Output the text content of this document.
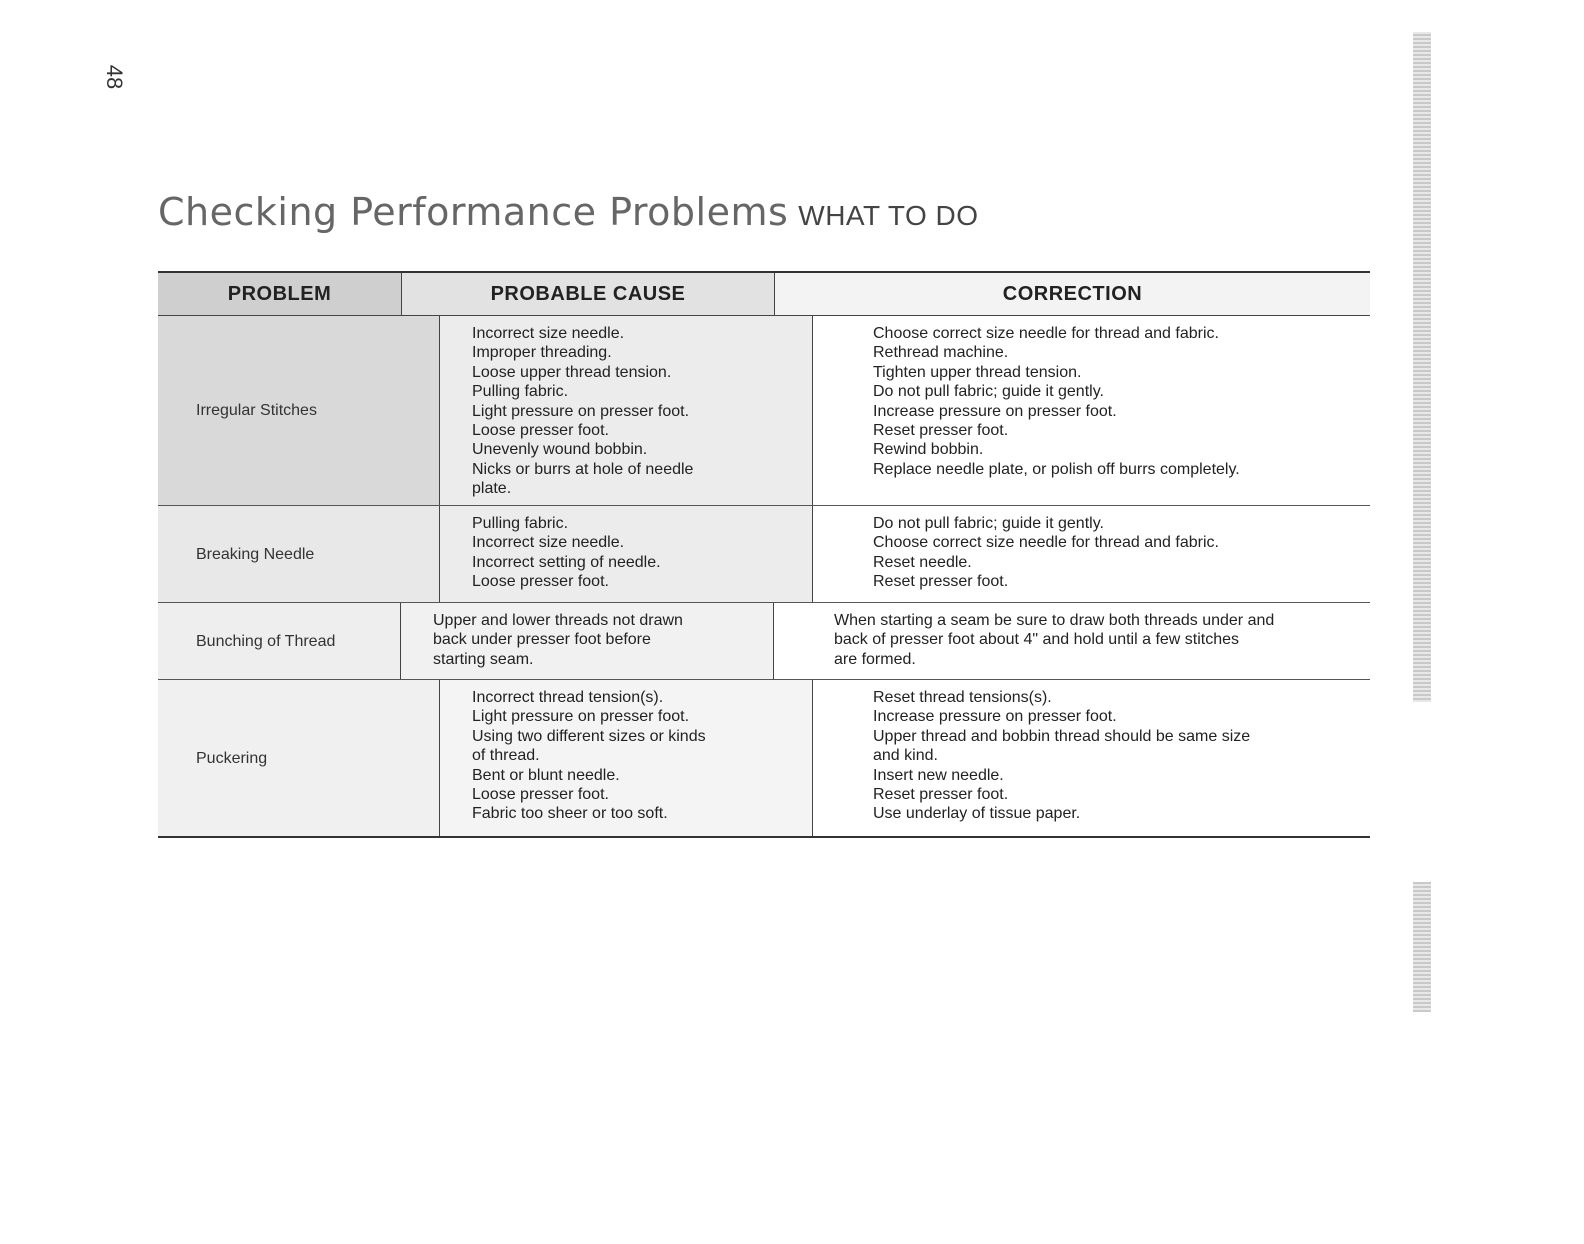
48
Checking Performance Problems WHAT TO DO
PROBLEM	PROBABLE CAUSE	CORRECTION
Irregular Stitches
Incorrect size needle.
Improper threading.
Loose upper thread tension.
Pulling fabric.
Light pressure on presser foot.
Loose presser foot.
Unevenly wound bobbin.
Nicks or burrs at hole of needle
plate.
Choose correct size needle for thread and fabric.
Rethread machine.
Tighten upper thread tension.
Do not pull fabric; guide it gently.
Increase pressure on presser foot.
Reset presser foot.
Rewind bobbin.
Replace needle plate, or polish off burrs completely.
Breaking Needle
Pulling fabric.
Incorrect size needle.
Incorrect setting of needle.
Loose presser foot.
Do not pull fabric; guide it gently.
Choose correct size needle for thread and fabric.
Reset needle.
Reset presser foot.
Bunching of Thread
Upper and lower threads not drawn
back under presser foot before
starting seam.
When starting a seam be sure to draw both threads under and
back of presser foot about 4" and hold until a few stitches
are formed.
Puckering
Incorrect thread tension(s).
Light pressure on presser foot.
Using two different sizes or kinds
of thread.
Bent or blunt needle.
Loose presser foot.
Fabric too sheer or too soft.
Reset thread tensions(s).
Increase pressure on presser foot.
Upper thread and bobbin thread should be same size
and kind.
Insert new needle.
Reset presser foot.
Use underlay of tissue paper.
